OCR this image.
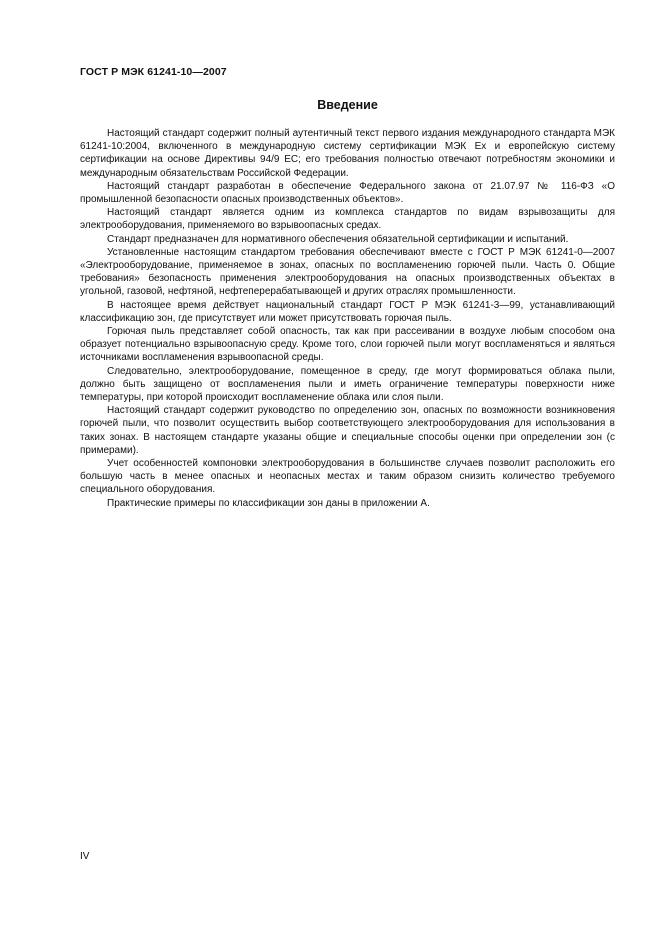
ГОСТ Р МЭК 61241-10—2007
Введение

Настоящий стандарт содержит полный аутентичный текст первого издания международного стандарта МЭК 61241-10:2004, включенного в международную систему сертификации МЭК Ex и европейскую систему сертификации на основе Директивы 94/9 ЕС; его требования полностью отвечают потребностям экономики и международным обязательствам Российской Федерации.

Настоящий стандарт разработан в обеспечение Федерального закона от 21.07.97 № 116-ФЗ «О промышленной безопасности опасных производственных объектов».

Настоящий стандарт является одним из комплекса стандартов по видам взрывозащиты для электрооборудования, применяемого во взрывоопасных средах.

Стандарт предназначен для нормативного обеспечения обязательной сертификации и испытаний.

Установленные настоящим стандартом требования обеспечивают вместе с ГОСТ Р МЭК 61241-0—2007 «Электрооборудование, применяемое в зонах, опасных по воспламенению горючей пыли. Часть 0. Общие требования» безопасность применения электрооборудования на опасных производственных объектах в угольной, газовой, нефтяной, нефтеперерабатывающей и других отраслях промышленности.

В настоящее время действует национальный стандарт ГОСТ Р МЭК 61241-3—99, устанавливающий классификацию зон, где присутствует или может присутствовать горючая пыль.

Горючая пыль представляет собой опасность, так как при рассеивании в воздухе любым способом она образует потенциально взрывоопасную среду. Кроме того, слои горючей пыли могут воспламеняться и являться источниками воспламенения взрывоопасной среды.

Следовательно, электрооборудование, помещенное в среду, где могут формироваться облака пыли, должно быть защищено от воспламенения пыли и иметь ограничение температуры поверхности ниже температуры, при которой происходит воспламенение облака или слоя пыли.

Настоящий стандарт содержит руководство по определению зон, опасных по возможности возникновения горючей пыли, что позволит осуществить выбор соответствующего электрооборудования для использования в таких зонах. В настоящем стандарте указаны общие и специальные способы оценки при определении зон (с примерами).

Учет особенностей компоновки электрооборудования в большинстве случаев позволит расположить его большую часть в менее опасных и неопасных местах и таким образом снизить количество требуемого специального оборудования.

Практические примеры по классификации зон даны в приложении А.

IV
